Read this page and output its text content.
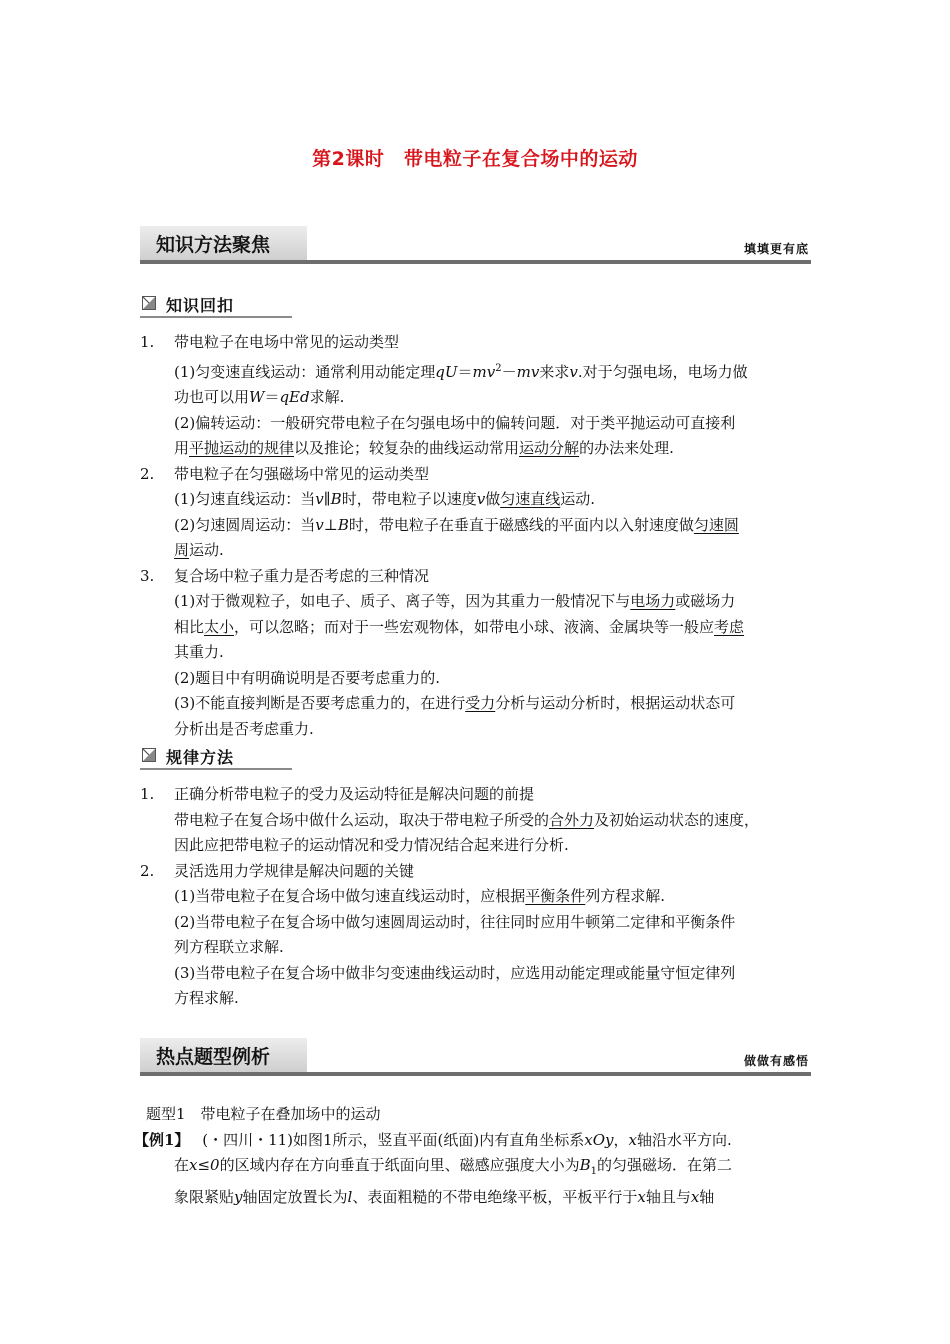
第2课时　带电粒子在复合场中的运动
知识方法聚焦	填填更有底
知识回扣
1. 带电粒子在电场中常见的运动类型
(1)匀变速直线运动：通常利用动能定理$qU=mv^2-mv$来求v.对于匀强电场，电场力做
功也可以用W＝qEd求解.
(2)偏转运动：一般研究带电粒子在匀强电场中的偏转问题．对于类平抛运动可直接利
用平抛运动的规律以及推论；较复杂的曲线运动常用运动分解的办法来处理.
2. 带电粒子在匀强磁场中常见的运动类型
(1)匀速直线运动：当v∥B时，带电粒子以速度v做匀速直线运动.
(2)匀速圆周运动：当v⊥B时，带电粒子在垂直于磁感线的平面内以入射速度做匀速圆
周运动.
3. 复合场中粒子重力是否考虑的三种情况
(1)对于微观粒子，如电子、质子、离子等，因为其重力一般情况下与电场力或磁场力
相比太小，可以忽略；而对于一些宏观物体，如带电小球、液滴、金属块等一般应考虑
其重力.
(2)题目中有明确说明是否要考虑重力的.
(3)不能直接判断是否要考虑重力的，在进行受力分析与运动分析时，根据运动状态可
分析出是否考虑重力.
规律方法
1. 正确分析带电粒子的受力及运动特征是解决问题的前提
带电粒子在复合场中做什么运动，取决于带电粒子所受的合外力及初始运动状态的速度，
因此应把带电粒子的运动情况和受力情况结合起来进行分析.
2. 灵活选用力学规律是解决问题的关键
(1)当带电粒子在复合场中做匀速直线运动时，应根据平衡条件列方程求解.
(2)当带电粒子在复合场中做匀速圆周运动时，往往同时应用牛顿第二定律和平衡条件
列方程联立求解.
(3)当带电粒子在复合场中做非匀变速曲线运动时，应选用动能定理或能量守恒定律列
方程求解.
热点题型例析	做做有感悟
题型1　带电粒子在叠加场中的运动
【例1】 (・四川・11)如图1所示，竖直平面(纸面)内有直角坐标系xOy，x轴沿水平方向.
在x≤0的区域内存在方向垂直于纸面向里、磁感应强度大小为$B_1$的匀强磁场．在第二
象限紧贴y轴固定放置长为l、表面粗糙的不带电绝缘平板，平板平行于x轴且与x轴
